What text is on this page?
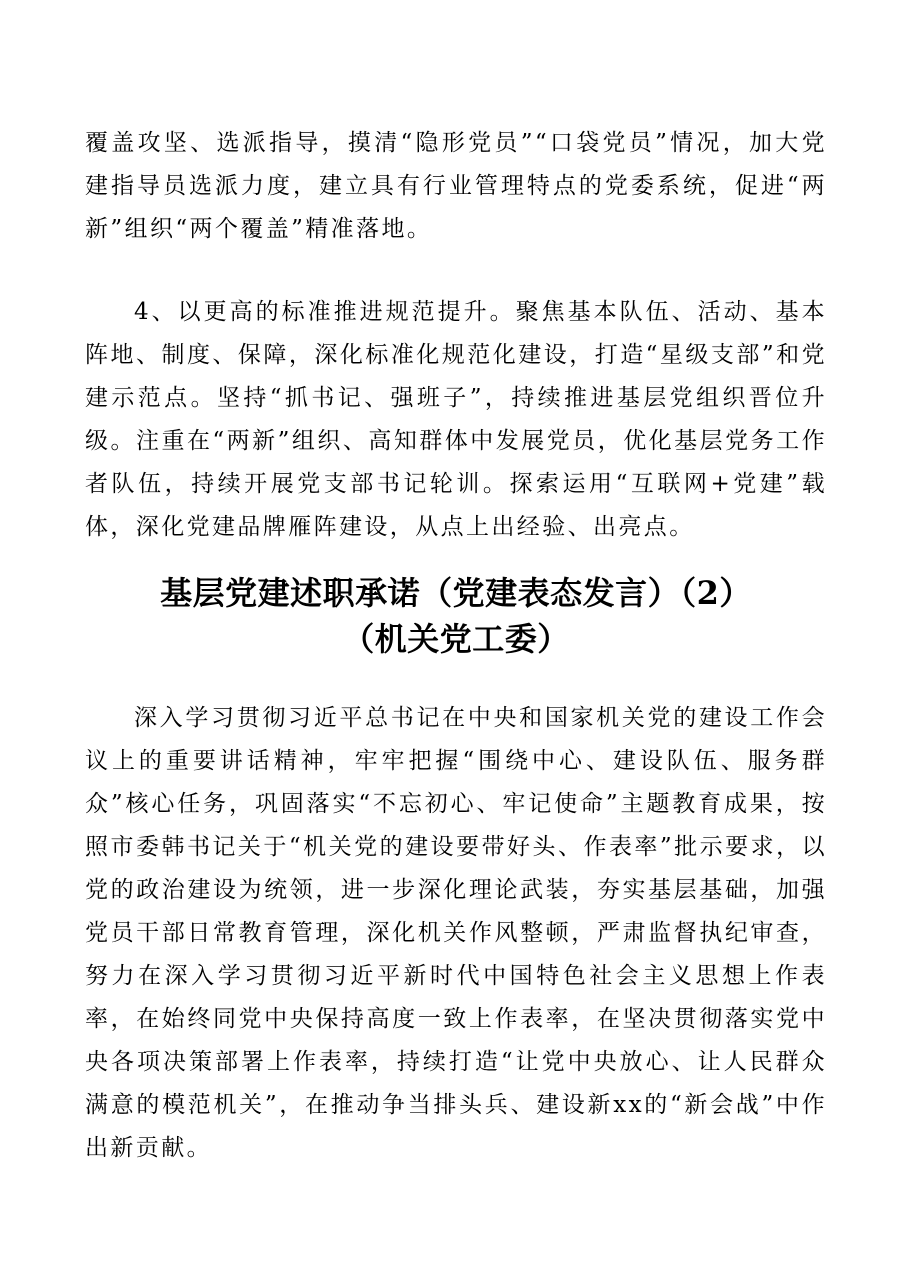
覆盖攻坚、选派指导，摸清“隐形党员”“口袋党员”情况，加大党建指导员选派力度，建立具有行业管理特点的党委系统，促进“两新”组织“两个覆盖”精准落地。

4、以更高的标准推进规范提升。聚焦基本队伍、活动、基本阵地、制度、保障，深化标准化规范化建设，打造“星级支部”和党建示范点。坚持“抓书记、强班子”，持续推进基层党组织晋位升级。注重在“两新”组织、高知群体中发展党员，优化基层党务工作者队伍，持续开展党支部书记轮训。探索运用“互联网+党建”载体，深化党建品牌雁阵建设，从点上出经验、出亮点。

基层党建述职承诺（党建表态发言）（2）
（机关党工委）

深入学习贯彻习近平总书记在中央和国家机关党的建设工作会议上的重要讲话精神，牢牢把握“围绕中心、建设队伍、服务群众”核心任务，巩固落实“不忘初心、牢记使命”主题教育成果，按照市委韩书记关于“机关党的建设要带好头、作表率”批示要求，以党的政治建设为统领，进一步深化理论武装，夯实基层基础，加强党员干部日常教育管理，深化机关作风整顿，严肃监督执纪审查，努力在深入学习贯彻习近平新时代中国特色社会主义思想上作表率，在始终同党中央保持高度一致上作表率，在坚决贯彻落实党中央各项决策部署上作表率，持续打造“让党中央放心、让人民群众满意的模范机关”，在推动争当排头兵、建设新xx的“新会战”中作出新贡献。
